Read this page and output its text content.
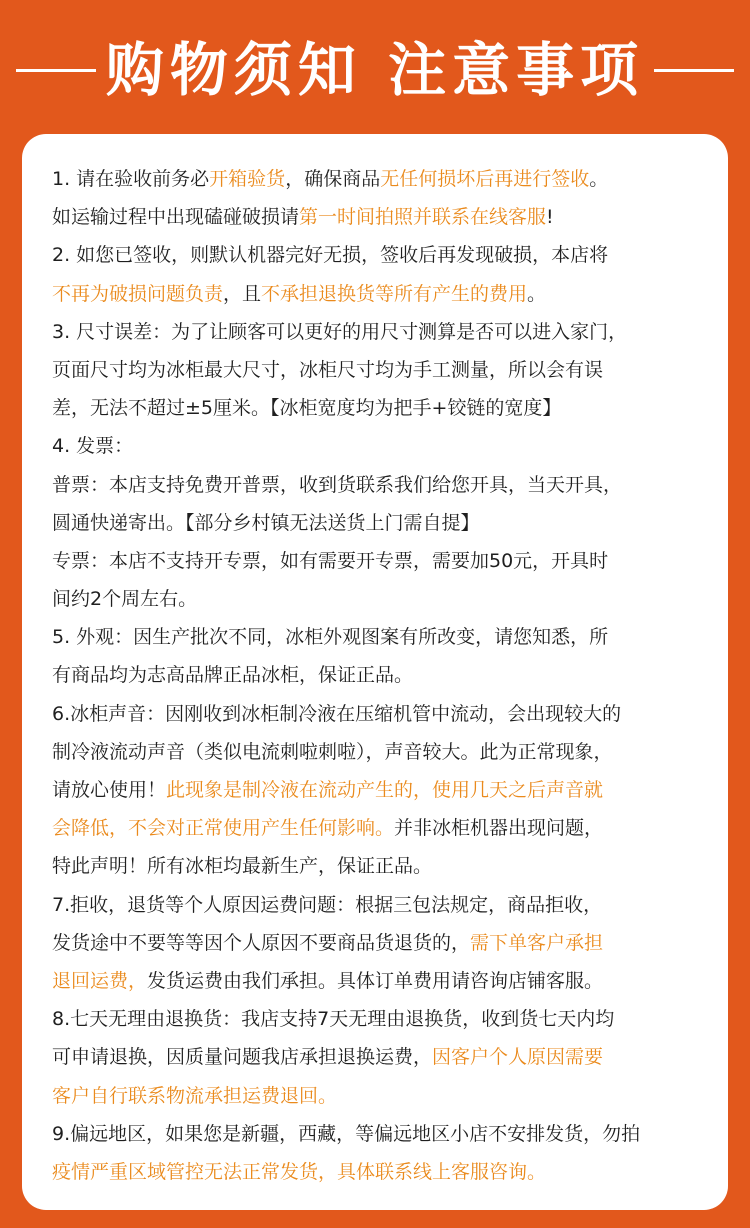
购物须知 注意事项
1. 请在验收前务必开箱验货，确保商品无任何损坏后再进行签收。
如运输过程中出现磕碰破损请第一时间拍照并联系在线客服!
2. 如您已签收，则默认机器完好无损，签收后再发现破损，本店将
不再为破损问题负责，且不承担退换货等所有产生的费用。
3. 尺寸误差：为了让顾客可以更好的用尺寸测算是否可以进入家门，
页面尺寸均为冰柜最大尺寸，冰柜尺寸均为手工测量，所以会有误
差，无法不超过±5厘米。【冰柜宽度均为把手+铰链的宽度】
4. 发票：
普票：本店支持免费开普票，收到货联系我们给您开具，当天开具，
圆通快递寄出。【部分乡村镇无法送货上门需自提】
专票：本店不支持开专票，如有需要开专票，需要加50元，开具时
间约2个周左右。
5. 外观：因生产批次不同，冰柜外观图案有所改变，请您知悉，所
有商品均为志高品牌正品冰柜，保证正品。
6.冰柜声音：因刚收到冰柜制冷液在压缩机管中流动，会出现较大的
制冷液流动声音（类似电流刺啦刺啦），声音较大。此为正常现象，
请放心使用！此现象是制冷液在流动产生的，使用几天之后声音就
会降低，不会对正常使用产生任何影响。并非冰柜机器出现问题，
特此声明！所有冰柜均最新生产，保证正品。
7.拒收，退货等个人原因运费问题：根据三包法规定，商品拒收，
发货途中不要等等因个人原因不要商品货退货的，需下单客户承担
退回运费，发货运费由我们承担。具体订单费用请咨询店铺客服。
8.七天无理由退换货：我店支持7天无理由退换货，收到货七天内均
可申请退换，因质量问题我店承担退换运费，因客户个人原因需要
客户自行联系物流承担运费退回。
9.偏远地区，如果您是新疆，西藏，等偏远地区小店不安排发货，勿拍
疫情严重区域管控无法正常发货，具体联系线上客服咨询。
